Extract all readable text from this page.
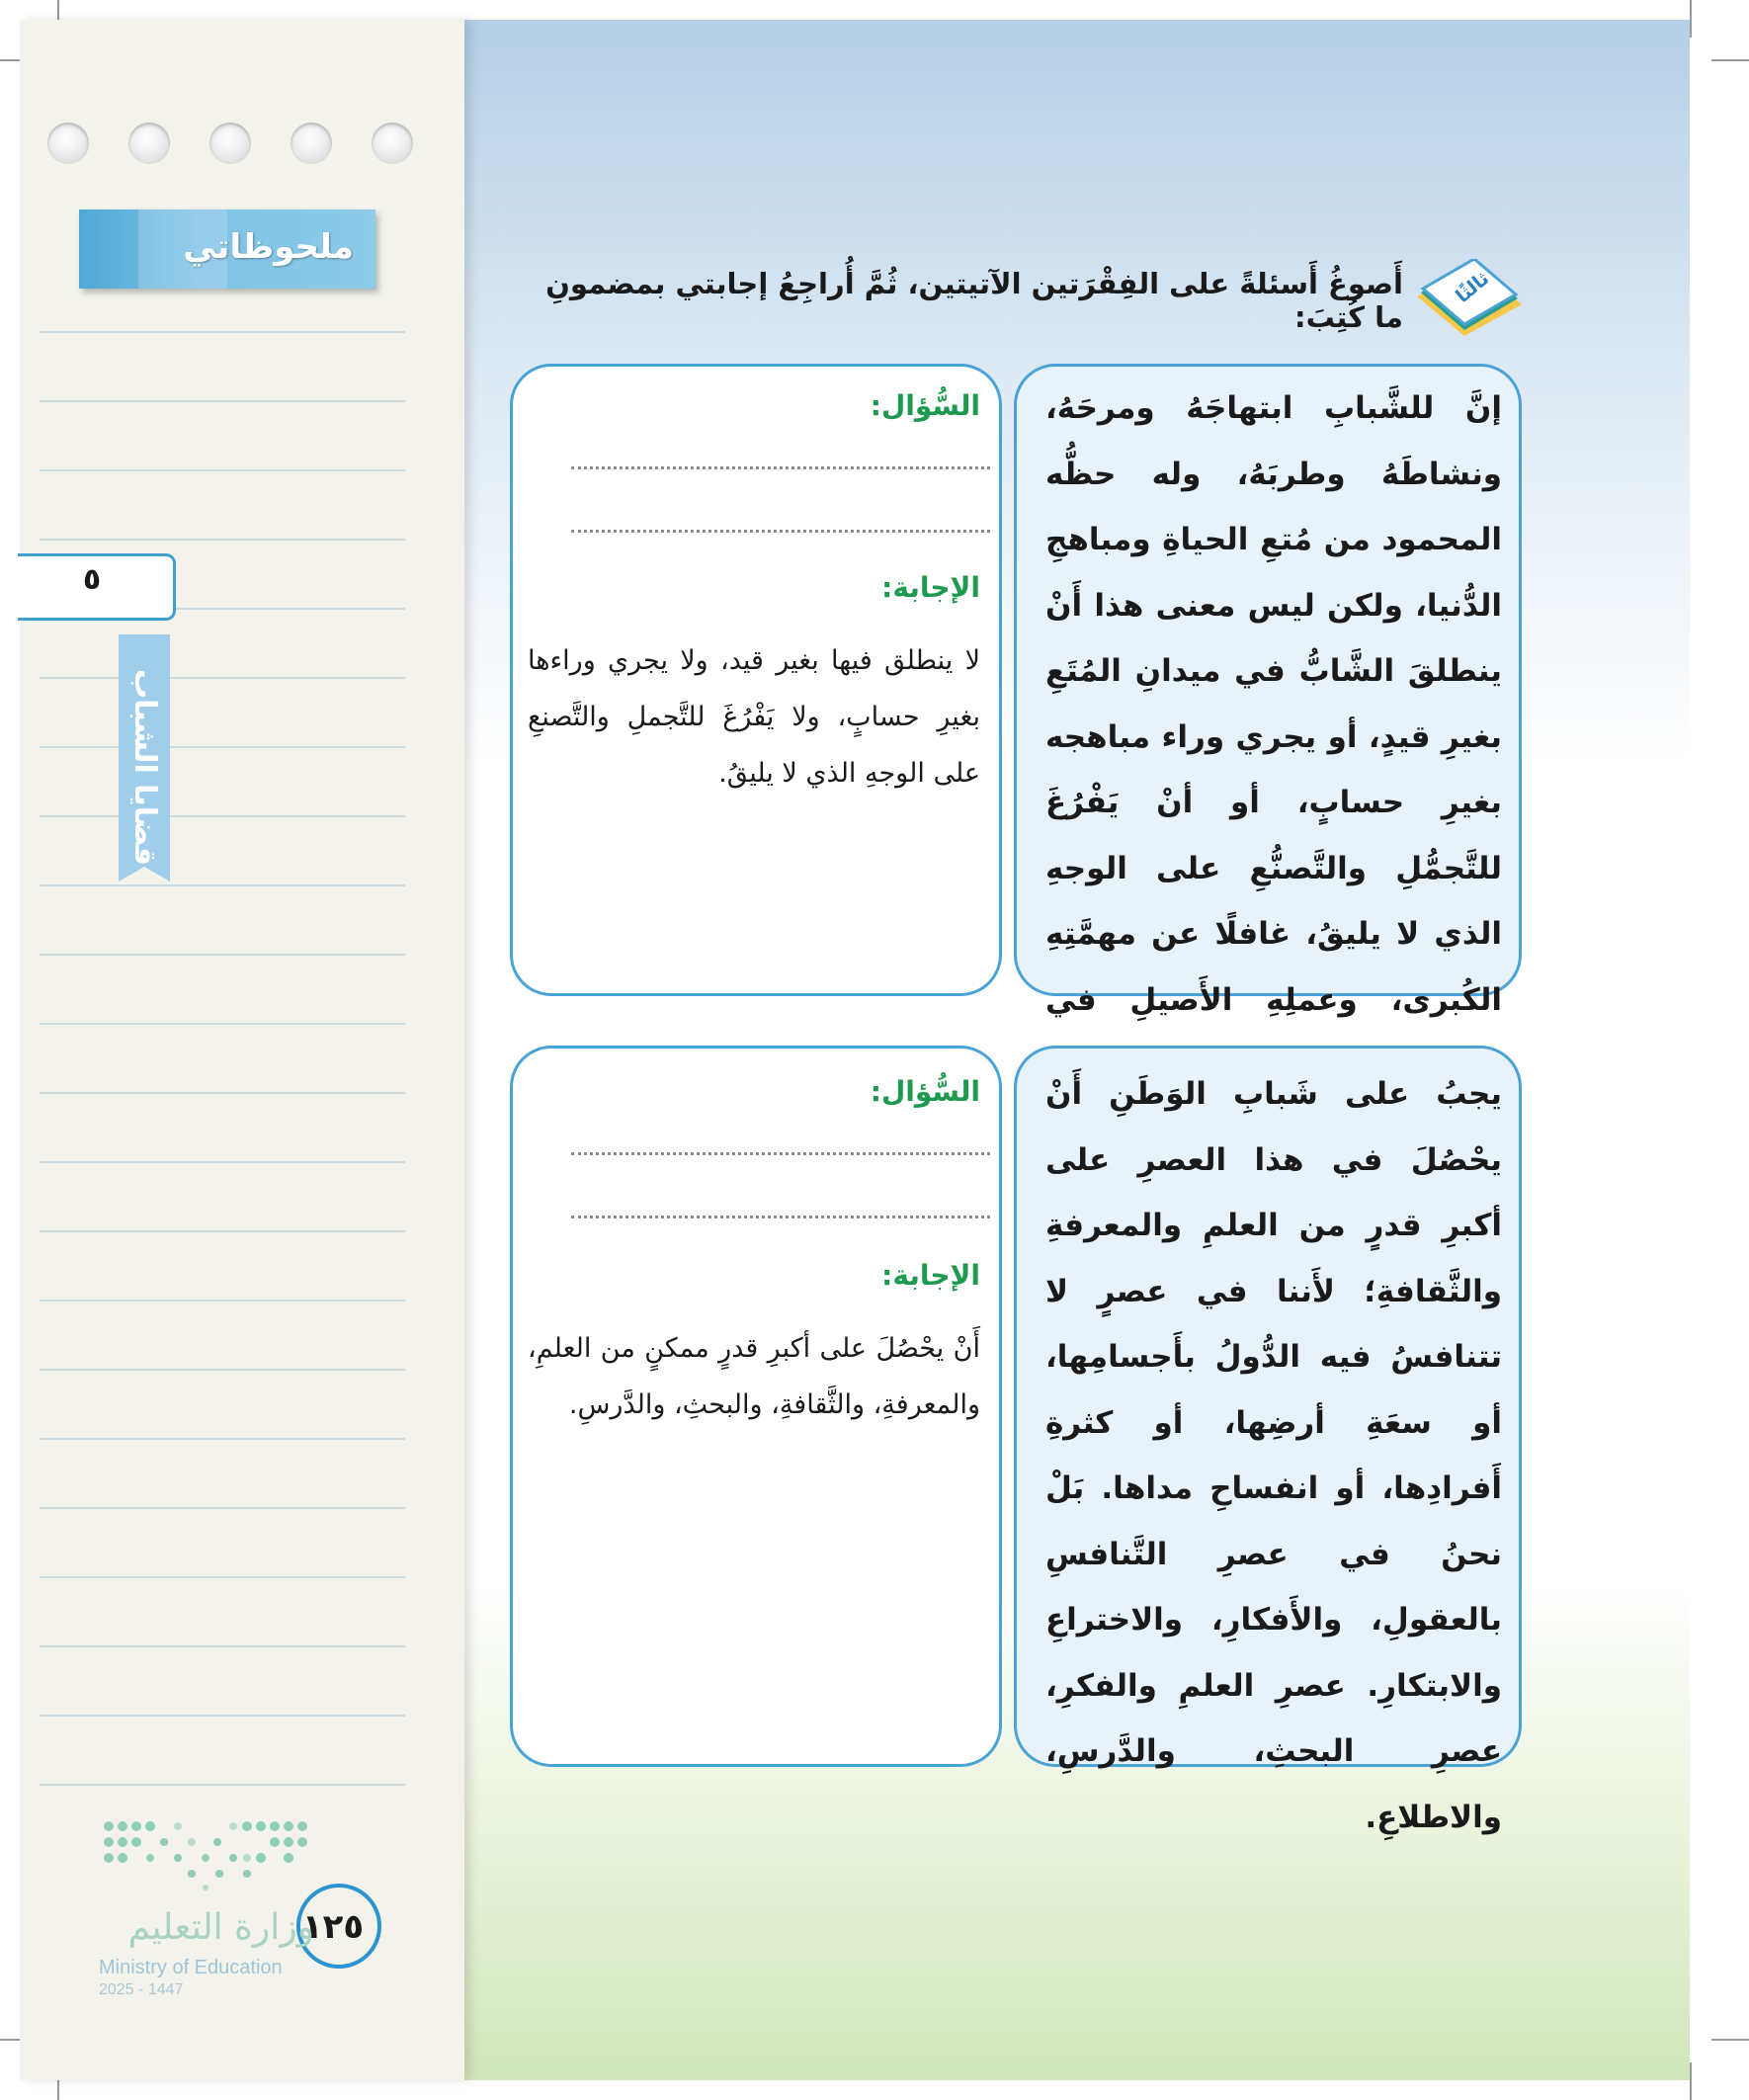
ملحوظاتي
٥
قضايا الشباب
١٢٥
وزارة التعليم
Ministry of Education
2025 - 1447
ثالثًا
أَصوغُ أَسئلةً على الفِقْرَتين الآتيتين، ثُمَّ أُراجِعُ إجابتي بمضمونِ ما كُتِبَ:
إنَّ للشَّبابِ ابتهاجَهُ ومرحَهُ، ونشاطَهُ وطربَهُ، وله حظُّه المحمود من مُتعِ الحياةِ ومباهجِ الدُّنيا، ولكن ليس معنى هذا أَنْ ينطلقَ الشَّابُّ في ميدانِ المُتَعِ بغيرِ قيدٍ، أو يجري وراء مباهجه بغيرِ حسابٍ، أو أنْ يَفْرُغَ للتَّجمُّلِ والتَّصنُّعِ على الوجهِ الذي لا يليقُ، غافلًا عن مهمَّتِهِ الكُبرى، وعملِهِ الأَصيلِ في
السُّؤال:
الإجابة:
لا ينطلق فيها بغير قيد، ولا يجري وراءها بغيرِ حسابٍ، ولا يَفْرُغَ للتَّجملِ والتَّصنعِ على الوجهِ الذي لا يليقُ.
يجبُ على شَبابِ الوَطَنِ أَنْ يحْصُلَ في هذا العصرِ على أكبرِ قدرٍ من العلمِ والمعرفةِ والثَّقافةِ؛ لأَننا في عصرٍ لا تتنافسُ فيه الدُّولُ بأَجسامِها، أو سعَةِ أرضِها، أو كثرةِ أَفرادِها، أو انفساحِ مداها. بَلْ نحنُ في عصرِ التَّنافسِ بالعقولِ، والأَفكارِ، والاختراعِ والابتكارِ. عصرِ العلمِ والفكرِ، عصرِ البحثِ، والدَّرسِ، والاطلاعِ.
السُّؤال:
الإجابة:
أَنْ يحْصُلَ على أكبرِ قدرٍ ممكنٍ من العلمِ، والمعرفةِ، والثَّقافةِ، والبحثِ، والدَّرسِ.
